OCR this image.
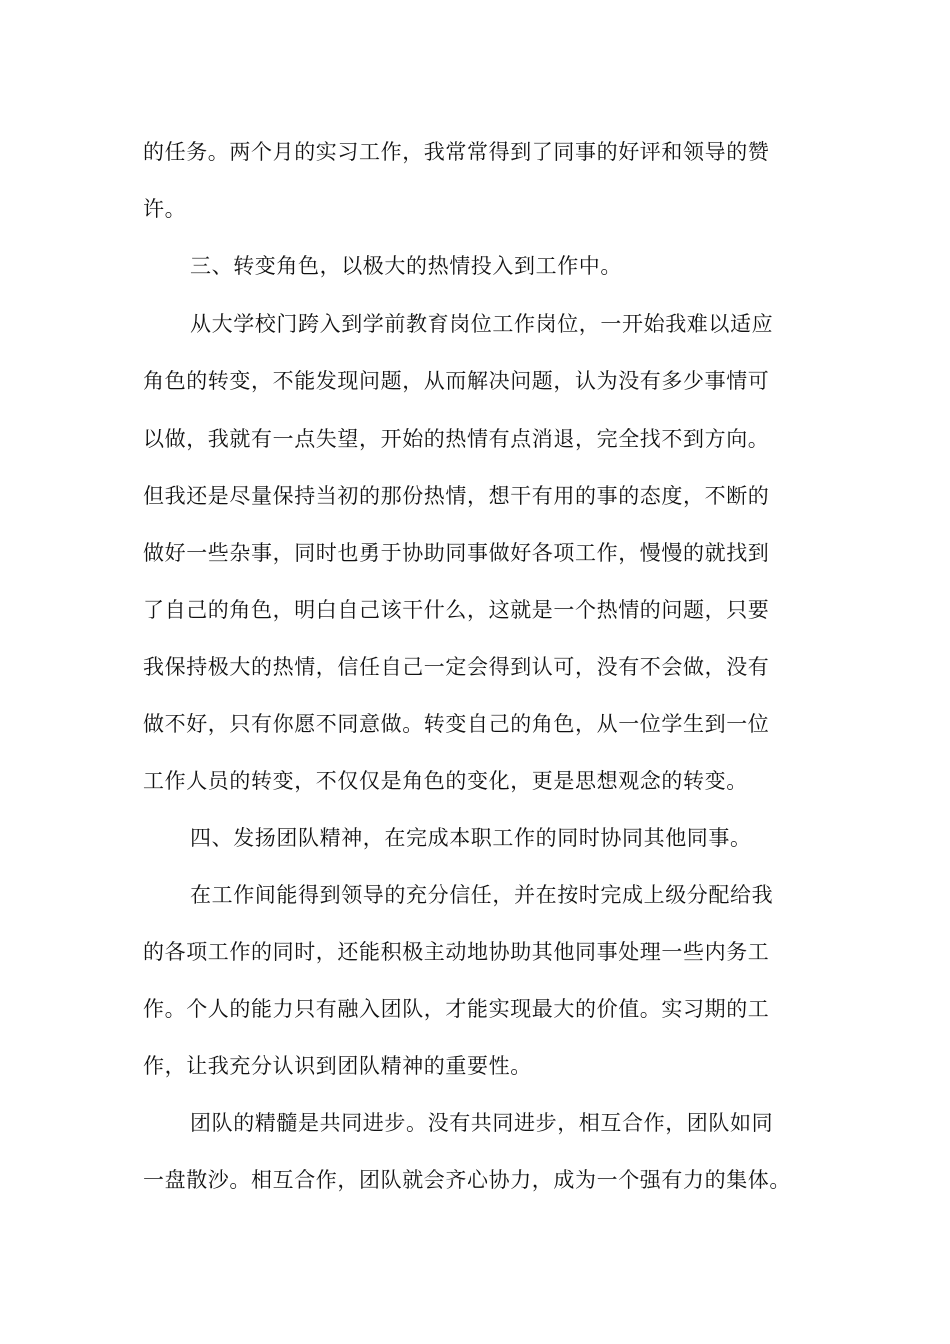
的任务。两个月的实习工作，我常常得到了同事的好评和领导的赞
许。
三、转变角色，以极大的热情投入到工作中。
从大学校门跨入到学前教育岗位工作岗位，一开始我难以适应
角色的转变，不能发现问题，从而解决问题，认为没有多少事情可
以做，我就有一点失望，开始的热情有点消退，完全找不到方向。
但我还是尽量保持当初的那份热情，想干有用的事的态度，不断的
做好一些杂事，同时也勇于协助同事做好各项工作，慢慢的就找到
了自己的角色，明白自己该干什么，这就是一个热情的问题，只要
我保持极大的热情，信任自己一定会得到认可，没有不会做，没有
做不好，只有你愿不同意做。转变自己的角色，从一位学生到一位
工作人员的转变，不仅仅是角色的变化，更是思想观念的转变。
四、发扬团队精神，在完成本职工作的同时协同其他同事。
在工作间能得到领导的充分信任，并在按时完成上级分配给我
的各项工作的同时，还能积极主动地协助其他同事处理一些内务工
作。个人的能力只有融入团队，才能实现最大的价值。实习期的工
作，让我充分认识到团队精神的重要性。
团队的精髓是共同进步。没有共同进步，相互合作，团队如同
一盘散沙。相互合作，团队就会齐心协力，成为一个强有力的集体。
